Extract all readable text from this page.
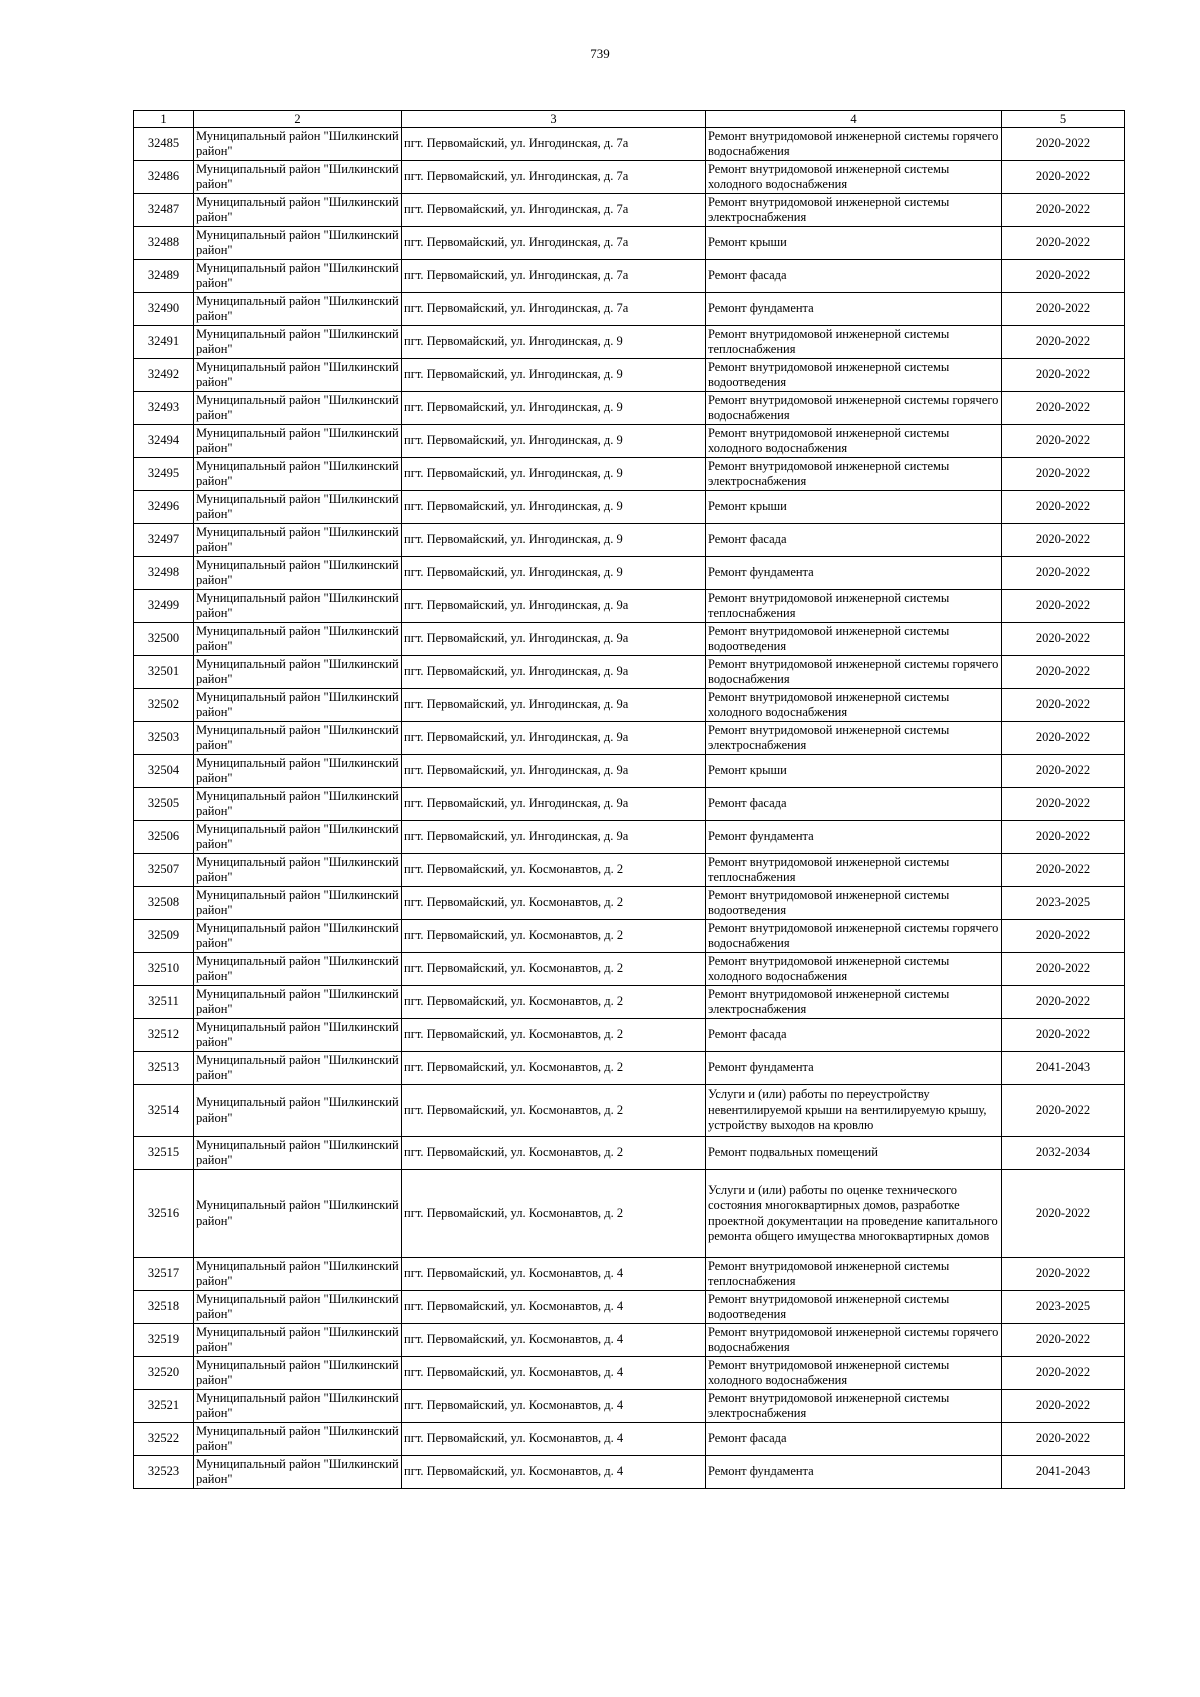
739
1	2	3	4	5
32485	Муниципальный район "Шилкинский район"	пгт. Первомайский, ул. Ингодинская, д. 7а	Ремонт внутридомовой инженерной системы горячего водоснабжения	2020-2022
32486	Муниципальный район "Шилкинский район"	пгт. Первомайский, ул. Ингодинская, д. 7а	Ремонт внутридомовой инженерной системы холодного водоснабжения	2020-2022
32487	Муниципальный район "Шилкинский район"	пгт. Первомайский, ул. Ингодинская, д. 7а	Ремонт внутридомовой инженерной системы электроснабжения	2020-2022
32488	Муниципальный район "Шилкинский район"	пгт. Первомайский, ул. Ингодинская, д. 7а	Ремонт крыши	2020-2022
32489	Муниципальный район "Шилкинский район"	пгт. Первомайский, ул. Ингодинская, д. 7а	Ремонт фасада	2020-2022
32490	Муниципальный район "Шилкинский район"	пгт. Первомайский, ул. Ингодинская, д. 7а	Ремонт фундамента	2020-2022
32491	Муниципальный район "Шилкинский район"	пгт. Первомайский, ул. Ингодинская, д. 9	Ремонт внутридомовой инженерной системы теплоснабжения	2020-2022
32492	Муниципальный район "Шилкинский район"	пгт. Первомайский, ул. Ингодинская, д. 9	Ремонт внутридомовой инженерной системы водоотведения	2020-2022
32493	Муниципальный район "Шилкинский район"	пгт. Первомайский, ул. Ингодинская, д. 9	Ремонт внутридомовой инженерной системы горячего водоснабжения	2020-2022
32494	Муниципальный район "Шилкинский район"	пгт. Первомайский, ул. Ингодинская, д. 9	Ремонт внутридомовой инженерной системы холодного водоснабжения	2020-2022
32495	Муниципальный район "Шилкинский район"	пгт. Первомайский, ул. Ингодинская, д. 9	Ремонт внутридомовой инженерной системы электроснабжения	2020-2022
32496	Муниципальный район "Шилкинский район"	пгт. Первомайский, ул. Ингодинская, д. 9	Ремонт крыши	2020-2022
32497	Муниципальный район "Шилкинский район"	пгт. Первомайский, ул. Ингодинская, д. 9	Ремонт фасада	2020-2022
32498	Муниципальный район "Шилкинский район"	пгт. Первомайский, ул. Ингодинская, д. 9	Ремонт фундамента	2020-2022
32499	Муниципальный район "Шилкинский район"	пгт. Первомайский, ул. Ингодинская, д. 9а	Ремонт внутридомовой инженерной системы теплоснабжения	2020-2022
32500	Муниципальный район "Шилкинский район"	пгт. Первомайский, ул. Ингодинская, д. 9а	Ремонт внутридомовой инженерной системы водоотведения	2020-2022
32501	Муниципальный район "Шилкинский район"	пгт. Первомайский, ул. Ингодинская, д. 9а	Ремонт внутридомовой инженерной системы горячего водоснабжения	2020-2022
32502	Муниципальный район "Шилкинский район"	пгт. Первомайский, ул. Ингодинская, д. 9а	Ремонт внутридомовой инженерной системы холодного водоснабжения	2020-2022
32503	Муниципальный район "Шилкинский район"	пгт. Первомайский, ул. Ингодинская, д. 9а	Ремонт внутридомовой инженерной системы электроснабжения	2020-2022
32504	Муниципальный район "Шилкинский район"	пгт. Первомайский, ул. Ингодинская, д. 9а	Ремонт крыши	2020-2022
32505	Муниципальный район "Шилкинский район"	пгт. Первомайский, ул. Ингодинская, д. 9а	Ремонт фасада	2020-2022
32506	Муниципальный район "Шилкинский район"	пгт. Первомайский, ул. Ингодинская, д. 9а	Ремонт фундамента	2020-2022
32507	Муниципальный район "Шилкинский район"	пгт. Первомайский, ул. Космонавтов, д. 2	Ремонт внутридомовой инженерной системы теплоснабжения	2020-2022
32508	Муниципальный район "Шилкинский район"	пгт. Первомайский, ул. Космонавтов, д. 2	Ремонт внутридомовой инженерной системы водоотведения	2023-2025
32509	Муниципальный район "Шилкинский район"	пгт. Первомайский, ул. Космонавтов, д. 2	Ремонт внутридомовой инженерной системы горячего водоснабжения	2020-2022
32510	Муниципальный район "Шилкинский район"	пгт. Первомайский, ул. Космонавтов, д. 2	Ремонт внутридомовой инженерной системы холодного водоснабжения	2020-2022
32511	Муниципальный район "Шилкинский район"	пгт. Первомайский, ул. Космонавтов, д. 2	Ремонт внутридомовой инженерной системы электроснабжения	2020-2022
32512	Муниципальный район "Шилкинский район"	пгт. Первомайский, ул. Космонавтов, д. 2	Ремонт фасада	2020-2022
32513	Муниципальный район "Шилкинский район"	пгт. Первомайский, ул. Космонавтов, д. 2	Ремонт фундамента	2041-2043
32514	Муниципальный район "Шилкинский район"	пгт. Первомайский, ул. Космонавтов, д. 2	Услуги и (или) работы по переустройству невентилируемой крыши на вентилируемую крышу, устройству выходов на кровлю	2020-2022
32515	Муниципальный район "Шилкинский район"	пгт. Первомайский, ул. Космонавтов, д. 2	Ремонт подвальных помещений	2032-2034
32516	Муниципальный район "Шилкинский район"	пгт. Первомайский, ул. Космонавтов, д. 2	Услуги и (или) работы по оценке технического состояния многоквартирных домов, разработке проектной документации на проведение капитального ремонта общего имущества многоквартирных домов	2020-2022
32517	Муниципальный район "Шилкинский район"	пгт. Первомайский, ул. Космонавтов, д. 4	Ремонт внутридомовой инженерной системы теплоснабжения	2020-2022
32518	Муниципальный район "Шилкинский район"	пгт. Первомайский, ул. Космонавтов, д. 4	Ремонт внутридомовой инженерной системы водоотведения	2023-2025
32519	Муниципальный район "Шилкинский район"	пгт. Первомайский, ул. Космонавтов, д. 4	Ремонт внутридомовой инженерной системы горячего водоснабжения	2020-2022
32520	Муниципальный район "Шилкинский район"	пгт. Первомайский, ул. Космонавтов, д. 4	Ремонт внутридомовой инженерной системы холодного водоснабжения	2020-2022
32521	Муниципальный район "Шилкинский район"	пгт. Первомайский, ул. Космонавтов, д. 4	Ремонт внутридомовой инженерной системы электроснабжения	2020-2022
32522	Муниципальный район "Шилкинский район"	пгт. Первомайский, ул. Космонавтов, д. 4	Ремонт фасада	2020-2022
32523	Муниципальный район "Шилкинский район"	пгт. Первомайский, ул. Космонавтов, д. 4	Ремонт фундамента	2041-2043
